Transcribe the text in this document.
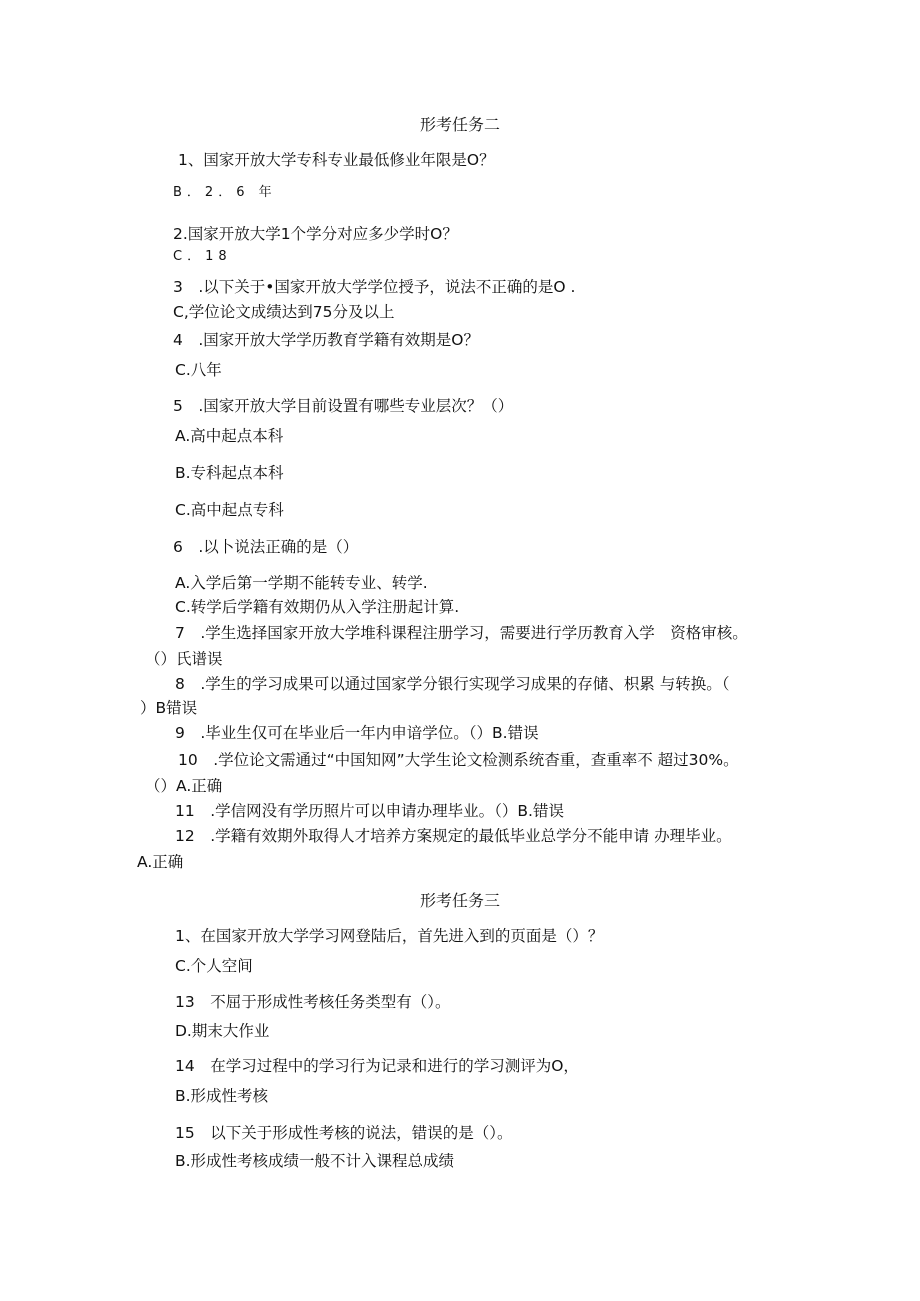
形考任务二
1、国家开放大学专科专业最低修业年限是O？
B．2．6 年
2.国家开放大学1个学分对应多少学时O？
C．18
3　.以下关于•国家开放大学学位授予，说法不正确的是O .
C,学位论文成绩达到75分及以上
4　.国家开放大学学历教育学籍有效期是O？
C.八年
5　.国家开放大学目前设置有哪些专业层次？（）
A.高中起点本科
B.专科起点本科
C.高中起点专科
6　.以卜说法正确的是（）
A.入学后第一学期不能转专业、转学.
C.转学后学籍有效期仍从入学注册起计算.
7　.学生选择国家开放大学堆科课程注册学习，需要进行学历教育入学　资格审核。
（）氏谱误
8　.学生的学习成果可以通过国家学分银行实现学习成果的存储、枳累 与转换。（
）B错误
9　.毕业生仅可在毕业后一年内申谙学位。（）B.错误
10　.学位论文需通过“中国知网”大学生论文检测系统杳重，查重率不 超过30%。
（）A.正确
11　.学信网没有学历照片可以申请办理毕业。（）B.错误
12　.学籍有效期外取得人才培养方案规定的最低毕业总学分不能申请 办理毕业。
A.正确
形考任务三
1、在国家开放大学学习网登陆后，首先进入到的页面是（）？
C.个人空间
13　不屈于形成性考核任务类型有（）。
D.期末大作业
14　在学习过程中的学习行为记录和进行的学习测评为O，
B.形成性考核
15　以下关于形成性考核的说法，错误的是（）。
B.形成性考核成绩一般不计入课程总成绩
